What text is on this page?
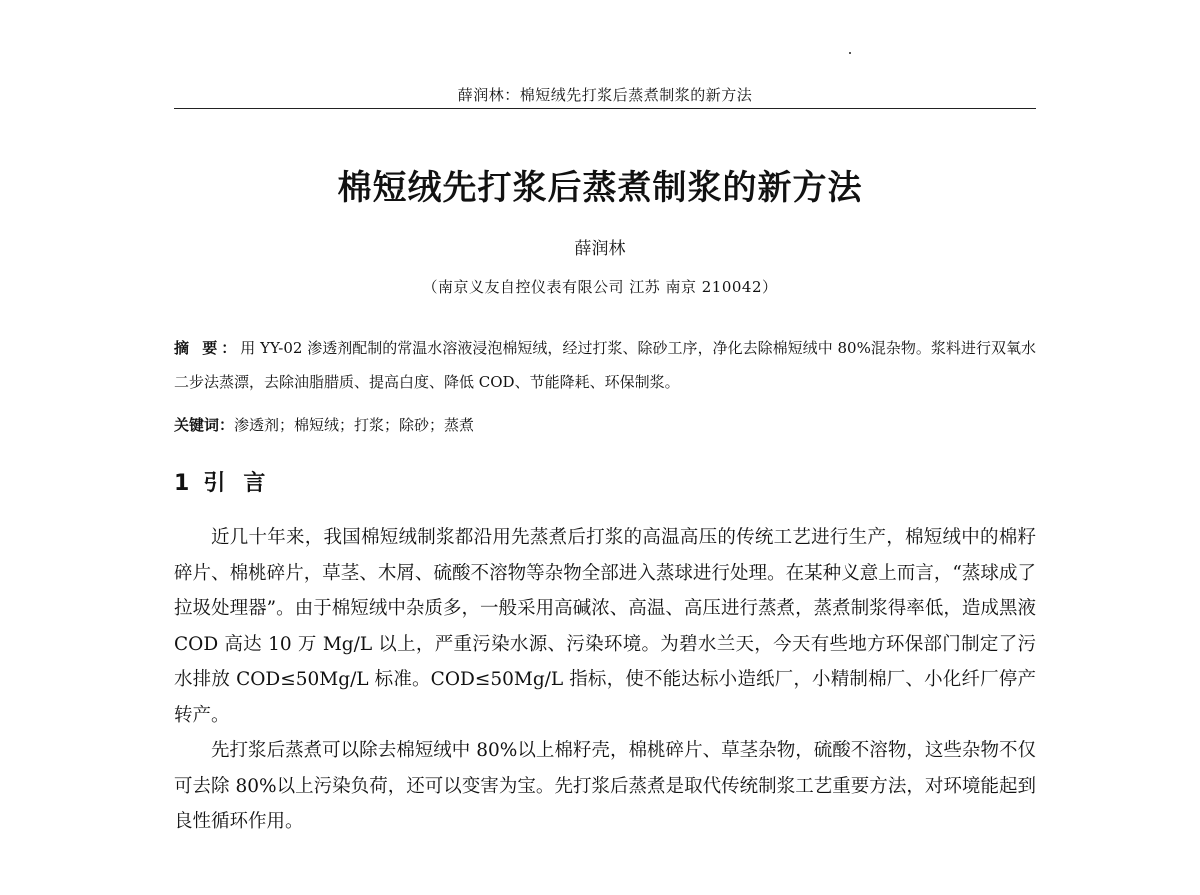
薛润林：棉短绒先打浆后蒸煮制浆的新方法
棉短绒先打浆后蒸煮制浆的新方法
薛润林
（南京义友自控仪表有限公司 江苏 南京 210042）
摘 要：用 YY-02 渗透剂配制的常温水溶液浸泡棉短绒，经过打浆、除砂工序，净化去除棉短绒中 80%混杂物。浆料进行双氧水二步法蒸漂，去除油脂腊质、提高白度、降低 COD、节能降耗、环保制浆。
关键词：渗透剂；棉短绒；打浆；除砂；蒸煮
1 引言

近几十年来，我国棉短绒制浆都沿用先蒸煮后打浆的高温高压的传统工艺进行生产，棉短绒中的棉籽碎片、棉桃碎片，草茎、木屑、硫酸不溶物等杂物全部进入蒸球进行处理。在某种义意上而言，“蒸球成了拉圾处理器”。由于棉短绒中杂质多，一般采用高碱浓、高温、高压进行蒸煮，蒸煮制浆得率低，造成黑液 COD 高达 10 万 Mg/L 以上，严重污染水源、污染环境。为碧水兰天，今天有些地方环保部门制定了污水排放 COD≤50Mg/L 标准。COD≤50Mg/L 指标，使不能达标小造纸厂，小精制棉厂、小化纤厂停产转产。

先打浆后蒸煮可以除去棉短绒中 80%以上棉籽壳，棉桃碎片、草茎杂物，硫酸不溶物，这些杂物不仅可去除 80%以上污染负荷，还可以变害为宝。先打浆后蒸煮是取代传统制浆工艺重要方法，对环境能起到良性循环作用。
